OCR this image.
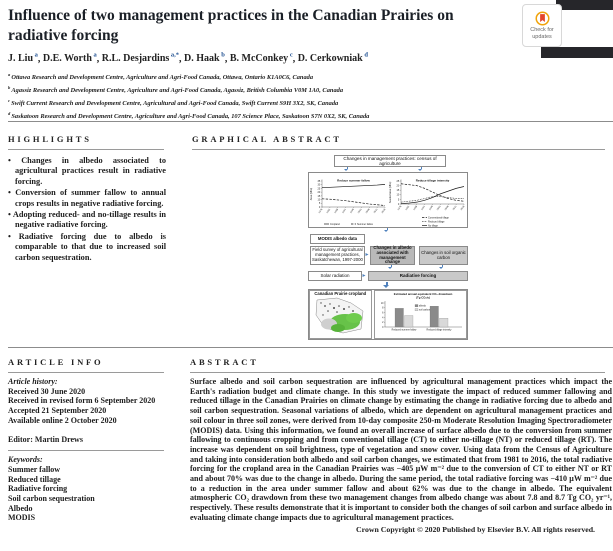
Check for updates
Influence of two management practices in the Canadian Prairies on radiative forcing
J. Liu $^a$, D.E. Worth $^a$, R.L. Desjardins $^{a,*}$, D. Haak $^b$, B. McConkey $^c$, D. Cerkowniak $^d$
$^a$ Ottawa Research and Development Centre, Agriculture and Agri-Food Canada, Ottawa, Ontario K1A0C6, Canada
$^b$ Agassiz Research and Development Centre, Agriculture and Agri-Food Canada, Agassiz, British Columbia V0M 1A0, Canada
$^c$ Swift Current Research and Development Centre, Agricultural and Agri-Food Canada, Swift Current S9H 3X2, SK, Canada
$^d$ Saskatoon Research and Development Centre, Agriculture and Agri-Food Canada, 107 Science Place, Saskatoon S7N 0X2, SK, Canada
HIGHLIGHTS
• Changes in albedo associated to agricultural practices result in radiative forcing.
• Conversion of summer fallow to annual crops results in negative radiative forcing.
• Adopting reduced- and no-tillage results in negative radiative forcing.
• Radiative forcing due to albedo is comparable to that due to increased soil carbon sequestration.
GRAPHICAL ABSTRACT
Changes in management practices: census of agriculture
0
5
10
15
20
25
30
35
1976 1981 1986 1991 1996 2001 2006 2011 2016
Reduce summer fallow
Area (Mha)
Cropland	Summer fallow
0
5
10
15
20
25
1976 1981 1986 1991 1996 2001 2006 2011 2016
Reduce tillage intensity
Seeded area (Mha)
Conventional tillage
Reduced tillage
No tillage
MODIS albedo data
Field survey of agricultural management practices, Saskatchewan, 1997-2000
▸
Changes in albedo associated with management change
Changes in soil organic carbon
Solar radiation	▸	Radiative forcing
Canadian Prairie cropland	Estimated annual equivalent CO₂ drawdown
(Tg CO₂/y)
0
2
4
6
8
10
Reduced summer fallow	Reduced tillage intensity
albedo
soil carbon
ARTICLE INFO
Article history:
Received 30 June 2020
Received in revised form 6 September 2020
Accepted 21 September 2020
Available online 2 October 2020
Editor: Martin Drews
Keywords:
Summer fallow
Reduced tillage
Radiative forcing
Soil carbon sequestration
Albedo
MODIS
ABSTRACT
Surface albedo and soil carbon sequestration are influenced by agricultural management practices which impact the Earth's radiation budget and climate change. In this study we investigate the impact of reduced summer fallowing and reduced tillage in the Canadian Prairies on climate change by estimating the change in radiative forcing due to albedo and soil carbon sequestration. Seasonal variations of albedo, which are dependent on agricultural management practices and soil colour in three soil zones, were derived from 10-day composite 250-m Moderate Resolution Imaging Spectroradiometer (MODIS) data. Using this information, we found an overall increase of surface albedo due to the conversion from summer fallowing to continuous cropping and from conventional tillage (CT) to either no-tillage (NT) or reduced tillage (RT). The increase was dependent on soil brightness, type of vegetation and snow cover. Using data from the Census of Agriculture and taking into consideration both albedo and soil carbon changes, we estimated that from 1981 to 2016, the total radiative forcing for the cropland area in the Canadian Prairies was −405 μW m⁻² due to the conversion of CT to either NT or RT and about 70% was due to the change in albedo. During the same period, the total radiative forcing was −410 μW m⁻² due to a reduction in the area under summer fallow and about 62% was due to the change in albedo. The equivalent atmospheric CO₂ drawdown from these two management changes from albedo change was about 7.8 and 8.7 Tg CO₂ yr⁻¹, respectively. These results demonstrate that it is important to consider both the changes of soil carbon and surface albedo in evaluating climate change impacts due to agricultural management practices.
Crown Copyright © 2020 Published by Elsevier B.V. All rights reserved.
